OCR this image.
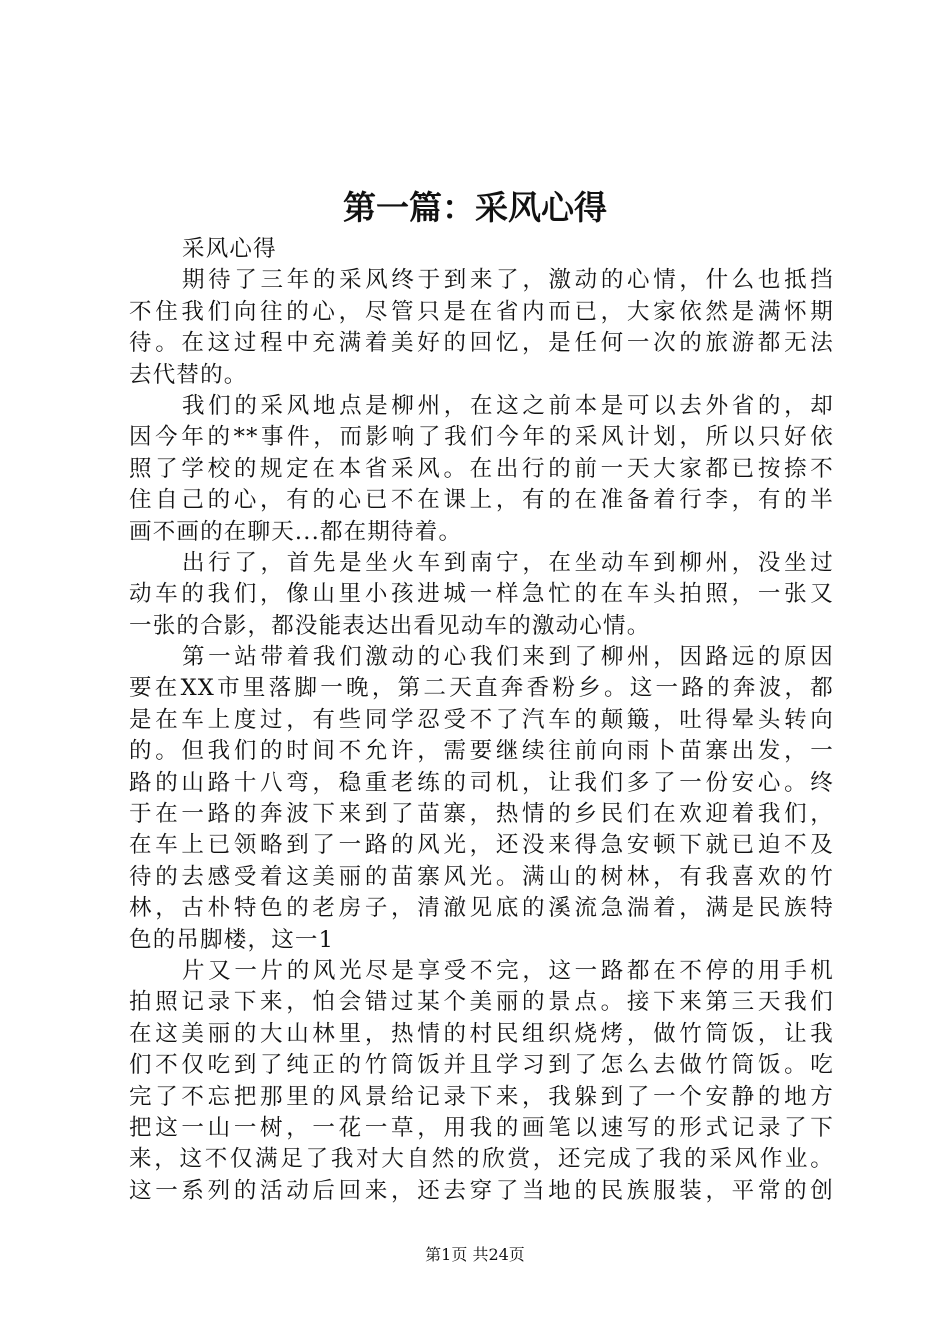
第一篇：采风心得
采风心得
期待了三年的采风终于到来了，激动的心情，什么也抵挡
不住我们向往的心，尽管只是在省内而已，大家依然是满怀期
待。在这过程中充满着美好的回忆，是任何一次的旅游都无法
去代替的。
我们的采风地点是柳州，在这之前本是可以去外省的，却
因今年的**事件，而影响了我们今年的采风计划，所以只好依
照了学校的规定在本省采风。在出行的前一天大家都已按捺不
住自己的心，有的心已不在课上，有的在准备着行李，有的半
画不画的在聊天...都在期待着。
出行了，首先是坐火车到南宁，在坐动车到柳州，没坐过
动车的我们，像山里小孩进城一样急忙的在车头拍照，一张又
一张的合影，都没能表达出看见动车的激动心情。
第一站带着我们激动的心我们来到了柳州，因路远的原因
要在XX市里落脚一晚，第二天直奔香粉乡。这一路的奔波，都
是在车上度过，有些同学忍受不了汽车的颠簸，吐得晕头转向
的。但我们的时间不允许，需要继续往前向雨卜苗寨出发，一
路的山路十八弯，稳重老练的司机，让我们多了一份安心。终
于在一路的奔波下来到了苗寨，热情的乡民们在欢迎着我们，
在车上已领略到了一路的风光，还没来得急安顿下就已迫不及
待的去感受着这美丽的苗寨风光。满山的树林，有我喜欢的竹
林，古朴特色的老房子，清澈见底的溪流急湍着，满是民族特
色的吊脚楼，这一1
片又一片的风光尽是享受不完，这一路都在不停的用手机
拍照记录下来，怕会错过某个美丽的景点。接下来第三天我们
在这美丽的大山林里，热情的村民组织烧烤，做竹筒饭，让我
们不仅吃到了纯正的竹筒饭并且学习到了怎么去做竹筒饭。吃
完了不忘把那里的风景给记录下来，我躲到了一个安静的地方
把这一山一树，一花一草，用我的画笔以速写的形式记录了下
来，这不仅满足了我对大自然的欣赏，还完成了我的采风作业。
这一系列的活动后回来，还去穿了当地的民族服装，平常的创
第1页 共24页
